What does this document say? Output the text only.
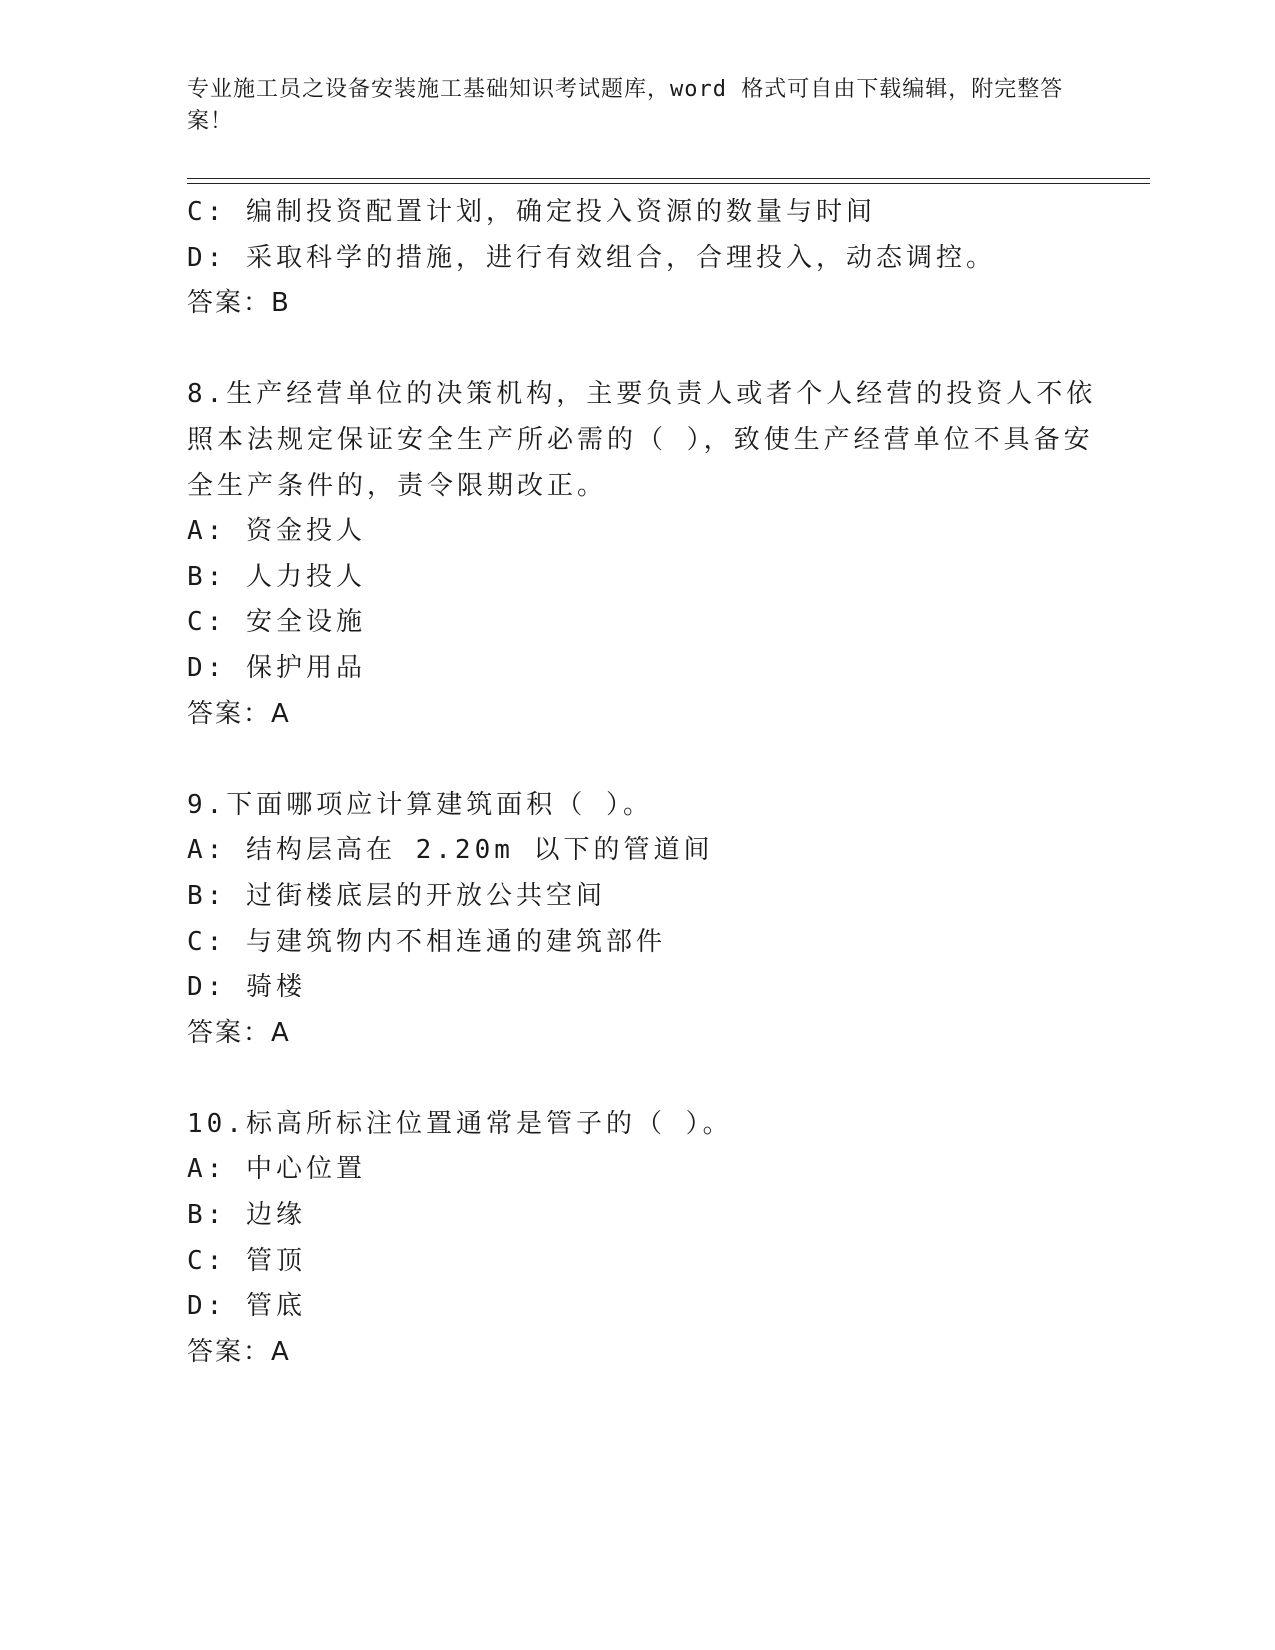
专业施工员之设备安装施工基础知识考试题库，word 格式可自由下载编辑，附完整答案！
C: 编制投资配置计划，确定投入资源的数量与时间
D: 采取科学的措施，进行有效组合，合理投入，动态调控。
答案：B
8.生产经营单位的决策机构，主要负责人或者个人经营的投资人不依
照本法规定保证安全生产所必需的（ ），致使生产经营单位不具备安
全生产条件的，责令限期改正。
A: 资金投人
B: 人力投人
C: 安全设施
D: 保护用品
答案：A
9.下面哪项应计算建筑面积（ ）。
A: 结构层高在 2.20m 以下的管道间
B: 过街楼底层的开放公共空间
C: 与建筑物内不相连通的建筑部件
D: 骑楼
答案：A
10.标高所标注位置通常是管子的（ ）。
A: 中心位置
B: 边缘
C: 管顶
D: 管底
答案：A
